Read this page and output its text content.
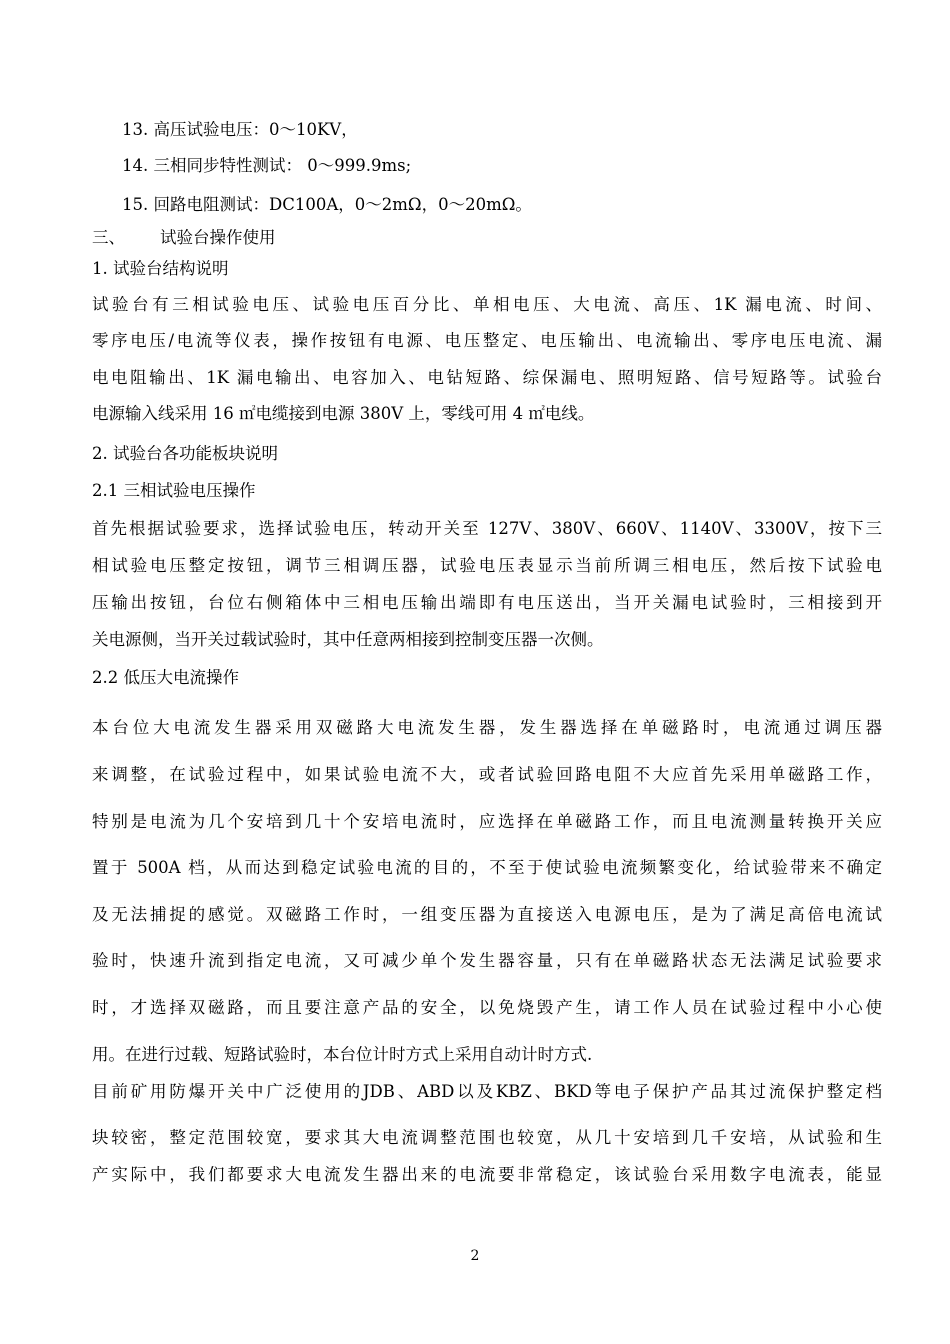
13. 高压试验电压：0～10KV，
14. 三相同步特性测试： 0～999.9ms;
15. 回路电阻测试：DC100A，0～2mΩ，0～20mΩ。
三、 试验台操作使用
1. 试验台结构说明
试验台有三相试验电压、试验电压百分比、单相电压、大电流、高压、1K 漏电流、时间、
零序电压/电流等仪表，操作按钮有电源、电压整定、电压输出、电流输出、零序电压电流、漏
电电阻输出、1K 漏电输出、电容加入、电钻短路、综保漏电、照明短路、信号短路等。试验台
电源输入线采用 16 ㎡电缆接到电源 380V 上，零线可用 4 ㎡电线。
2. 试验台各功能板块说明
2.1 三相试验电压操作
首先根据试验要求，选择试验电压，转动开关至 127V、380V、660V、1140V、3300V，按下三
相试验电压整定按钮，调节三相调压器，试验电压表显示当前所调三相电压，然后按下试验电
压输出按钮，台位右侧箱体中三相电压输出端即有电压送出，当开关漏电试验时，三相接到开
关电源侧，当开关过载试验时，其中任意两相接到控制变压器一次侧。
2.2 低压大电流操作
本台位大电流发生器采用双磁路大电流发生器，发生器选择在单磁路时，电流通过调压器
来调整，在试验过程中，如果试验电流不大，或者试验回路电阻不大应首先采用单磁路工作，
特别是电流为几个安培到几十个安培电流时，应选择在单磁路工作，而且电流测量转换开关应
置于 500A 档，从而达到稳定试验电流的目的，不至于使试验电流频繁变化，给试验带来不确定
及无法捕捉的感觉。双磁路工作时，一组变压器为直接送入电源电压，是为了满足高倍电流试
验时，快速升流到指定电流，又可减少单个发生器容量，只有在单磁路状态无法满足试验要求
时，才选择双磁路，而且要注意产品的安全，以免烧毁产生，请工作人员在试验过程中小心使
用。在进行过载、短路试验时，本台位计时方式上采用自动计时方式.
目前矿用防爆开关中广泛使用的JDB、ABD以及KBZ、BKD等电子保护产品其过流保护整定档
块较密，整定范围较宽，要求其大电流调整范围也较宽，从几十安培到几千安培，从试验和生
产实际中，我们都要求大电流发生器出来的电流要非常稳定，该试验台采用数字电流表，能显
2
